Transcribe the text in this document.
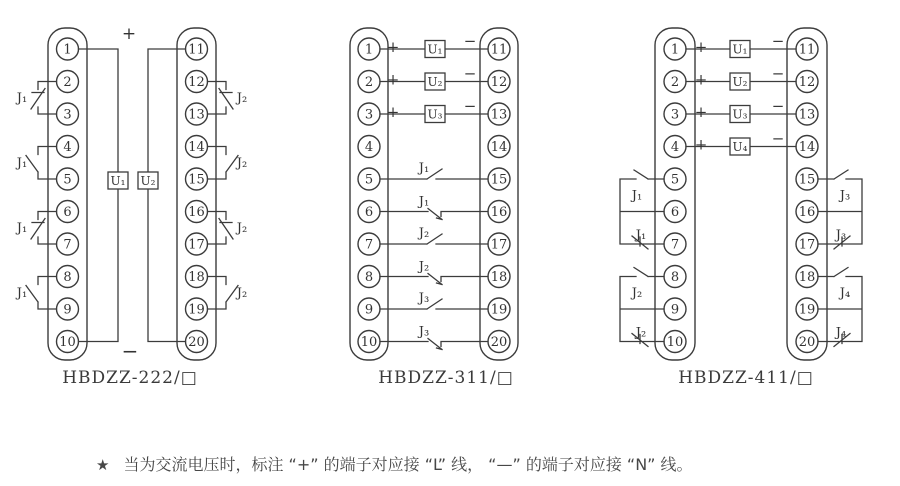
1
2
3
4
5
6
7
8
9
10
11
12
13
14
15
16
17
18
19
20
U₁ U₂
+
−
J₁
J₁
J₁
J₁
J₂
J₂
J₂
J₂
1
2
3
4
5
6
7
8
9
10
11
12
13
14
15
16
17
18
19
20
U₁
+	−
U₂
+	−
U₃
+	−
J₁
J₁
J₂
J₂
J₃
J₃
1
2
3
4
5
6
7
8
9
10
11
12
13
14
15
16
17
18
19
20
U₁
+	−
U₂
+	−
U₃
+	−
U₄
+	−
J₁
J₁
J₂
J₂
J₃
J₃
J₄
J₄
HBDZZ-222/□	HBDZZ-311/□	HBDZZ-411/□
★ 当为交流电压时，标注 “+” 的端子对应接 “L” 线， “—” 的端子对应接 “N” 线。
